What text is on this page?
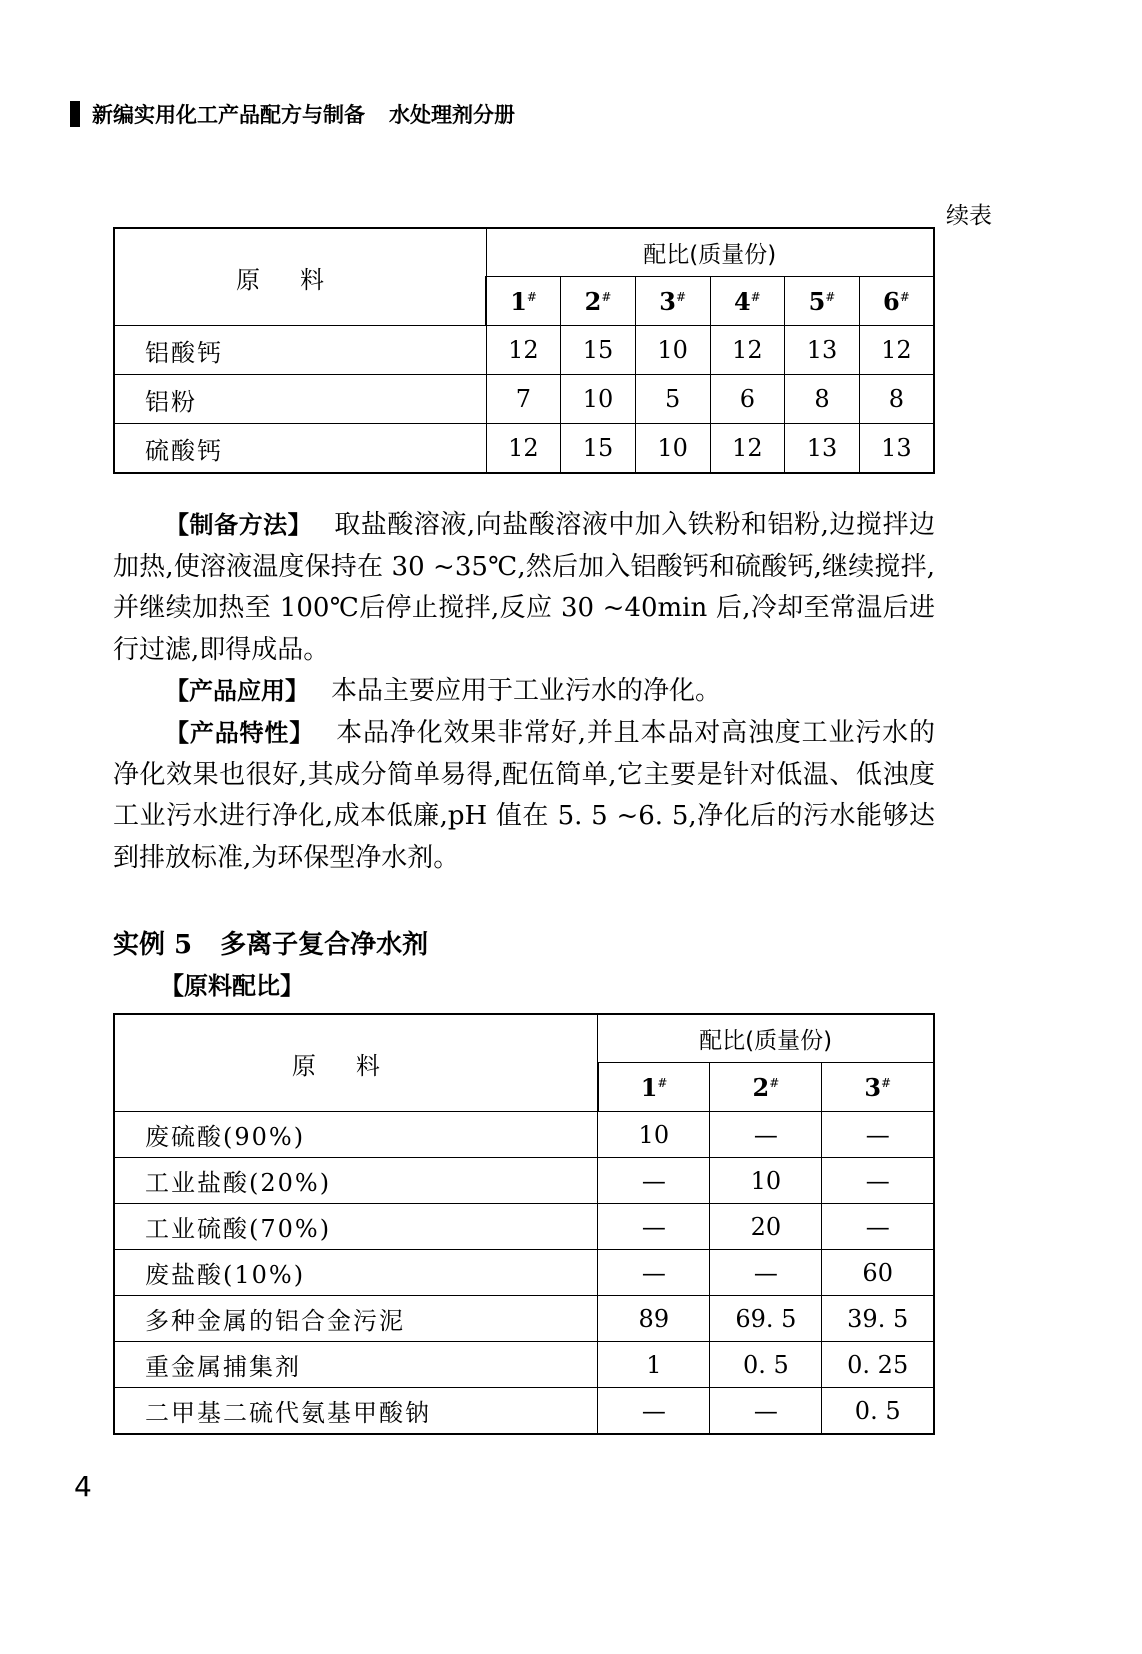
新编实用化工产品配方与制备 水处理剂分册
续表
原料	配比(质量份)					
	1#	2#	3#	4#	5#	6#
铝酸钙	12	15	10	12	13	12
铝粉	7	10	5	6	8	8
硫酸钙	12	15	10	12	13	13
【制备方法】 取盐酸溶液,向盐酸溶液中加入铁粉和铝粉,边搅拌边加热,使溶液温度保持在 30 ~35℃,然后加入铝酸钙和硫酸钙,继续搅拌,并继续加热至 100℃后停止搅拌,反应 30 ~40min 后,冷却至常温后进行过滤,即得成品。
【产品应用】 本品主要应用于工业污水的净化。
【产品特性】 本品净化效果非常好,并且本品对高浊度工业污水的净化效果也很好,其成分简单易得,配伍简单,它主要是针对低温、低浊度工业污水进行净化,成本低廉,pH 值在 5. 5 ~6. 5,净化后的污水能够达到排放标准,为环保型净水剂。
实例 5 多离子复合净水剂
【原料配比】
原料	配比(质量份)		
	1#	2#	3#
废硫酸(90%)	10	—	—
工业盐酸(20%)	—	10	—
工业硫酸(70%)	—	20	—
废盐酸(10%)	—	—	60
多种金属的铝合金污泥	89	69. 5	39. 5
重金属捕集剂	1	0. 5	0. 25
二甲基二硫代氨基甲酸钠	—	—	0. 5
4
